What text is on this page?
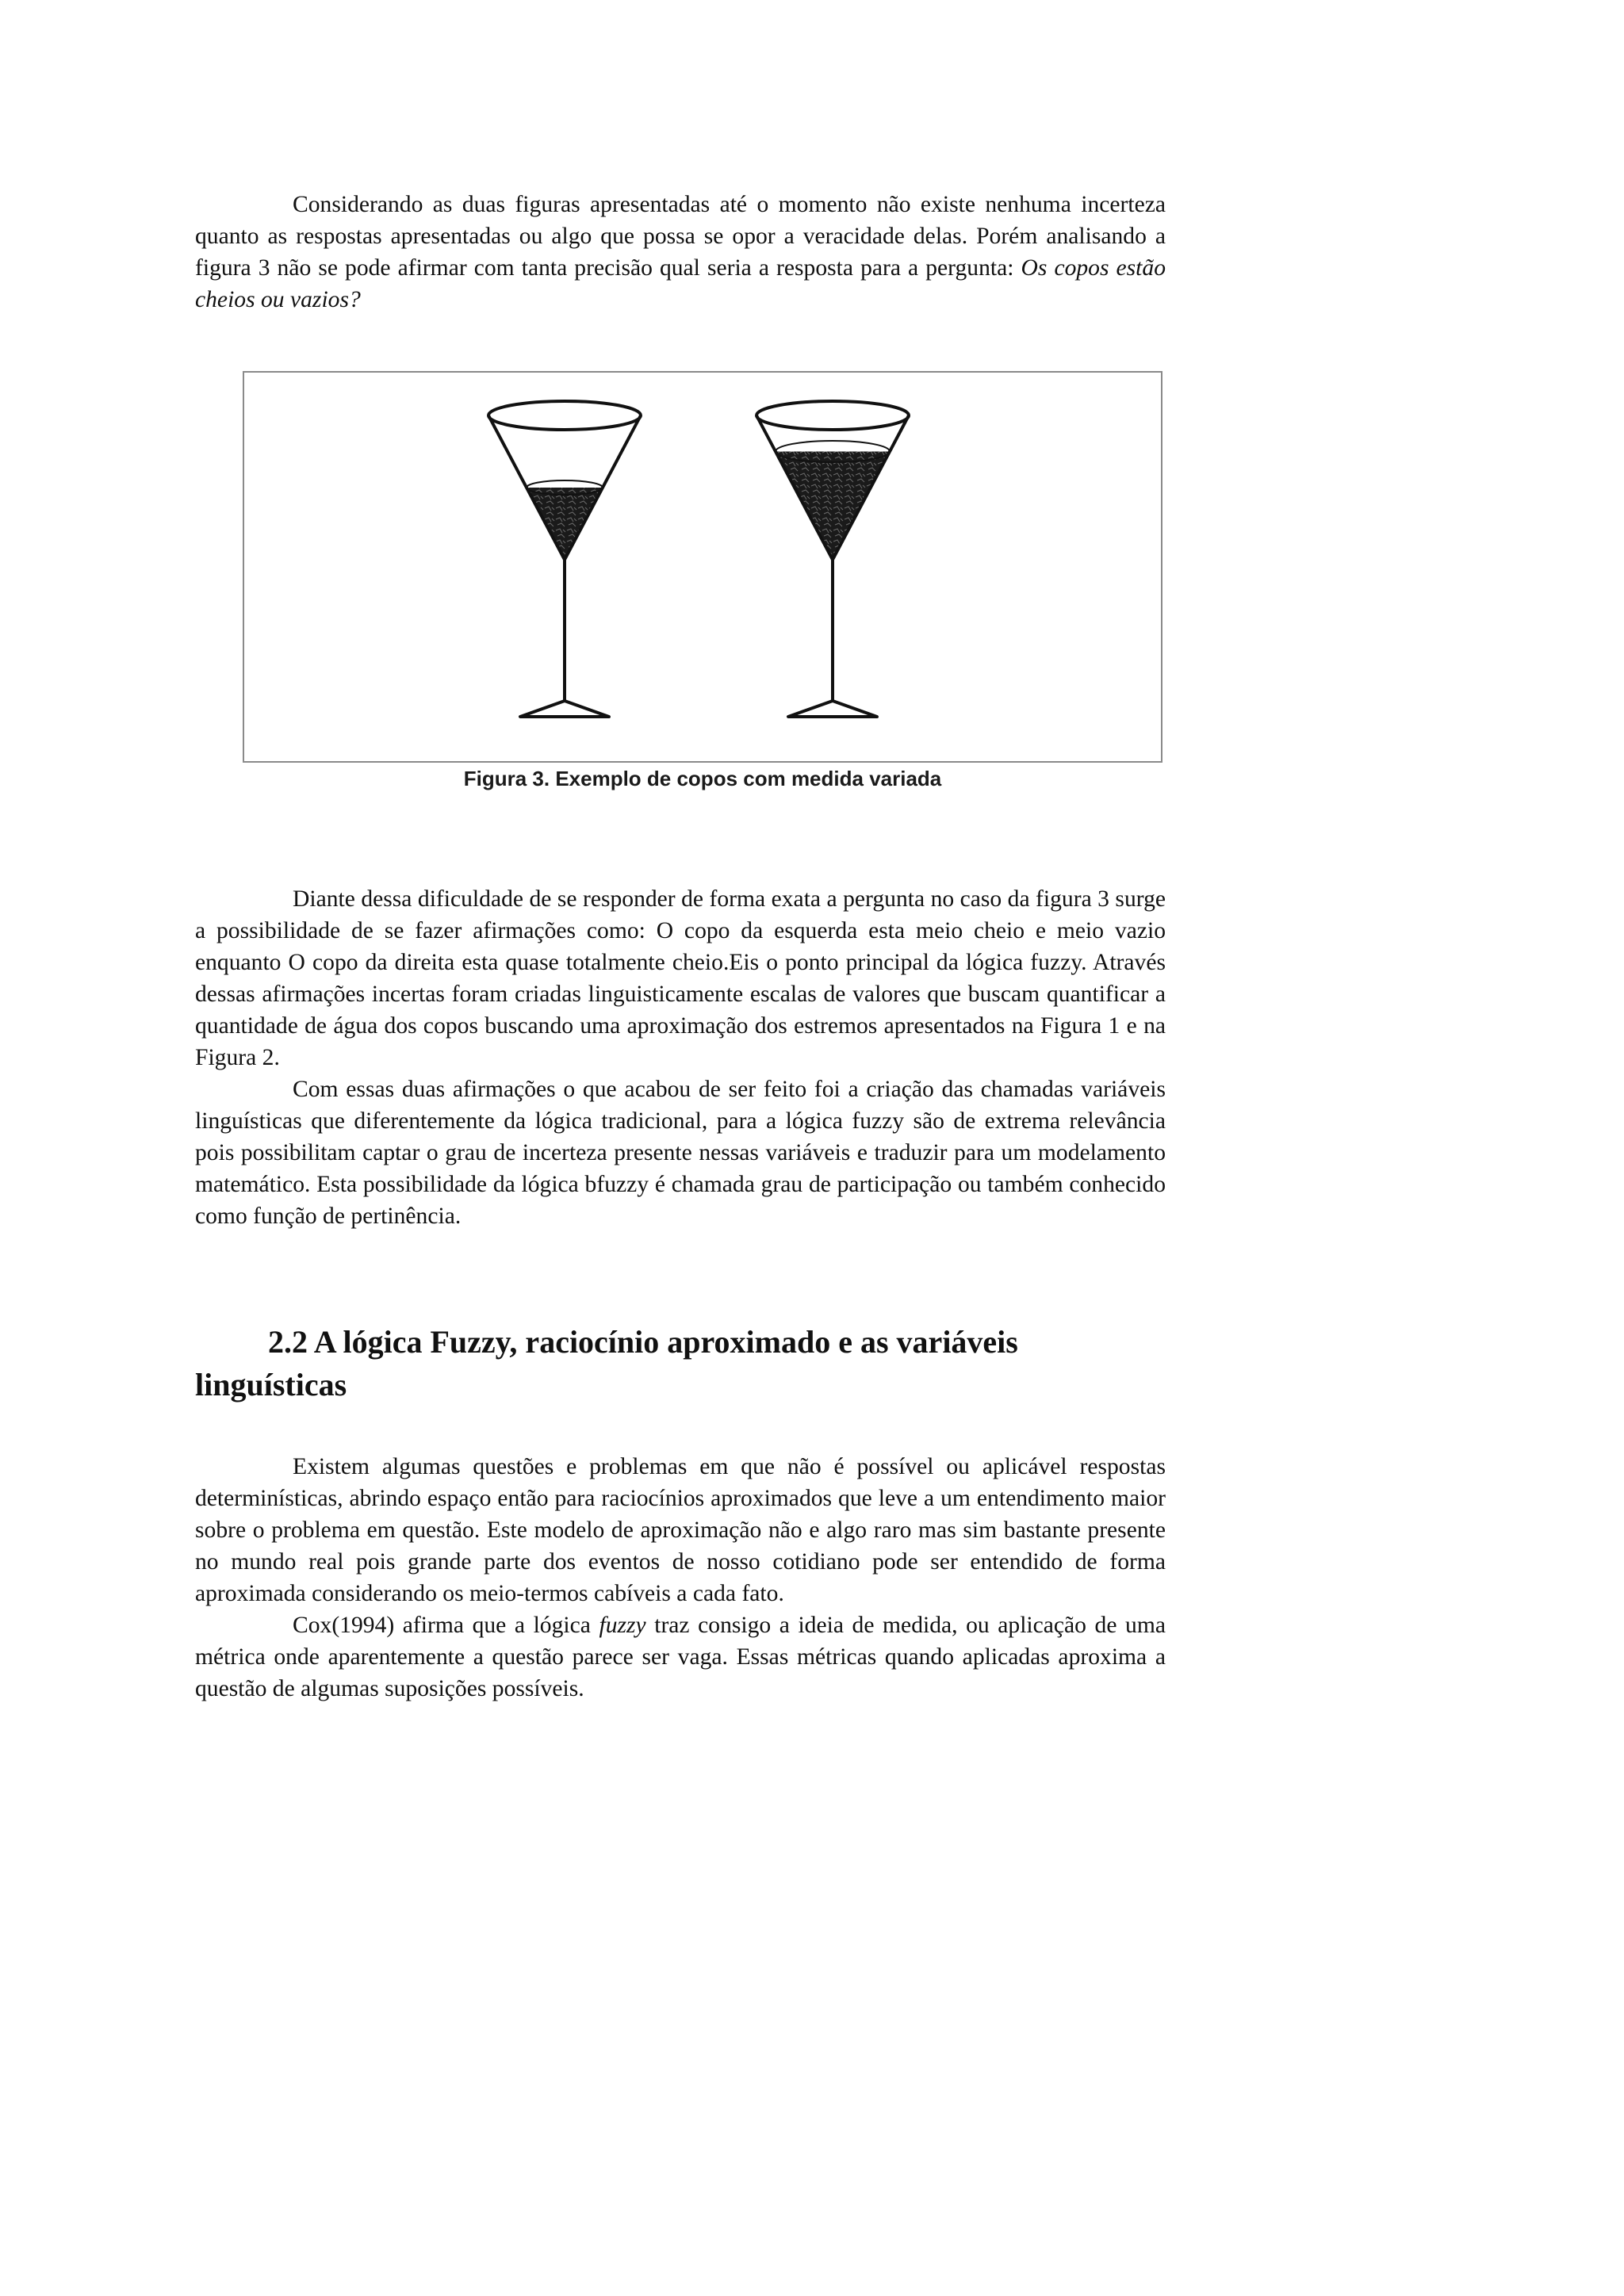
Considerando as duas figuras apresentadas até o momento não existe nenhuma incerteza quanto as respostas apresentadas ou algo que possa se opor a veracidade delas. Porém analisando a figura 3 não se pode afirmar com tanta precisão qual seria a resposta para a pergunta: Os copos estão cheios ou vazios?

Figura 3. Exemplo de copos com medida variada

Diante dessa dificuldade de se responder de forma exata a pergunta no caso da figura 3 surge a possibilidade de se fazer afirmações como: O copo da esquerda esta meio cheio e meio vazio enquanto O copo da direita esta quase totalmente cheio.Eis o ponto principal da lógica fuzzy. Através dessas afirmações incertas foram criadas linguisticamente escalas de valores que buscam quantificar a quantidade de água dos copos buscando uma aproximação dos estremos apresentados na Figura 1 e na Figura 2.

Com essas duas afirmações o que acabou de ser feito foi a criação das chamadas variáveis linguísticas que diferentemente da lógica tradicional, para a lógica fuzzy são de extrema relevância pois possibilitam captar o grau de incerteza presente nessas variáveis e traduzir para um modelamento matemático. Esta possibilidade da lógica bfuzzy é chamada grau de participação ou também conhecido como função de pertinência.

2.2 A lógica Fuzzy, raciocínio aproximado e as variáveis linguísticas

Existem algumas questões e problemas em que não é possível ou aplicável respostas determinísticas, abrindo espaço então para raciocínios aproximados que leve a um entendimento maior sobre o problema em questão. Este modelo de aproximação não e algo raro mas sim bastante presente no mundo real pois grande parte dos eventos de nosso cotidiano pode ser entendido de forma aproximada considerando os meio-termos cabíveis a cada fato.

Cox(1994) afirma que a lógica fuzzy traz consigo a ideia de medida, ou aplicação de uma métrica onde aparentemente a questão parece ser vaga. Essas métricas quando aplicadas aproxima a questão de algumas suposições possíveis.
